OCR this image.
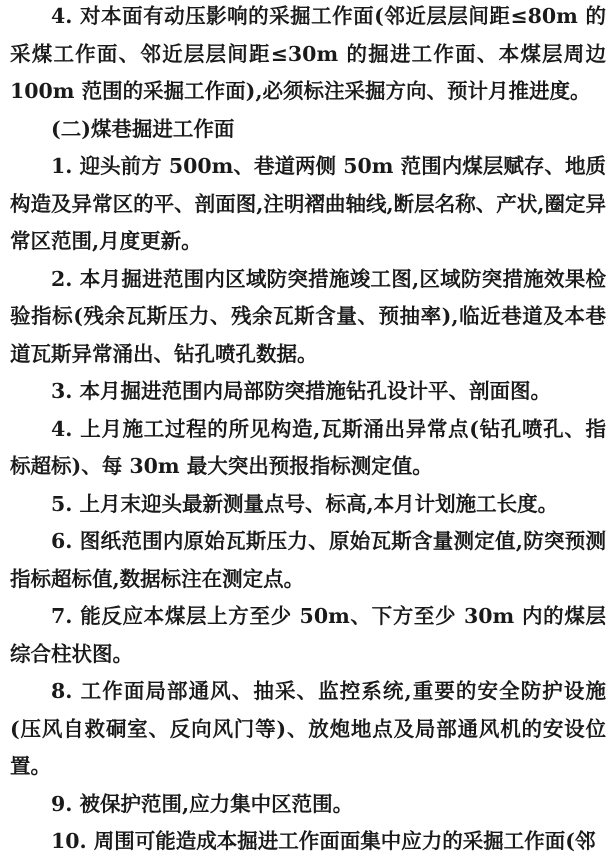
4. 对本面有动压影响的采掘工作面(邻近层层间距≤80m 的采煤工作面、邻近层层间距≤30m 的掘进工作面、本煤层周边 100m 范围的采掘工作面),必须标注采掘方向、预计月推进度。

(二)煤巷掘进工作面

1. 迎头前方 500m、巷道两侧 50m 范围内煤层赋存、地质构造及异常区的平、剖面图,注明褶曲轴线,断层名称、产状,圈定异常区范围,月度更新。

2. 本月掘进范围内区域防突措施竣工图,区域防突措施效果检验指标(残余瓦斯压力、残余瓦斯含量、预抽率),临近巷道及本巷道瓦斯异常涌出、钻孔喷孔数据。

3. 本月掘进范围内局部防突措施钻孔设计平、剖面图。

4. 上月施工过程的所见构造,瓦斯涌出异常点(钻孔喷孔、指标超标)、每 30m 最大突出预报指标测定值。

5. 上月末迎头最新测量点号、标高,本月计划施工长度。

6. 图纸范围内原始瓦斯压力、原始瓦斯含量测定值,防突预测指标超标值,数据标注在测定点。

7. 能反应本煤层上方至少 50m、下方至少 30m 内的煤层综合柱状图。

8. 工作面局部通风、抽采、监控系统,重要的安全防护设施(压风自救硐室、反向风门等)、放炮地点及局部通风机的安设位置。

9. 被保护范围,应力集中区范围。

10. 周围可能造成本掘进工作面面集中应力的采掘工作面(邻
